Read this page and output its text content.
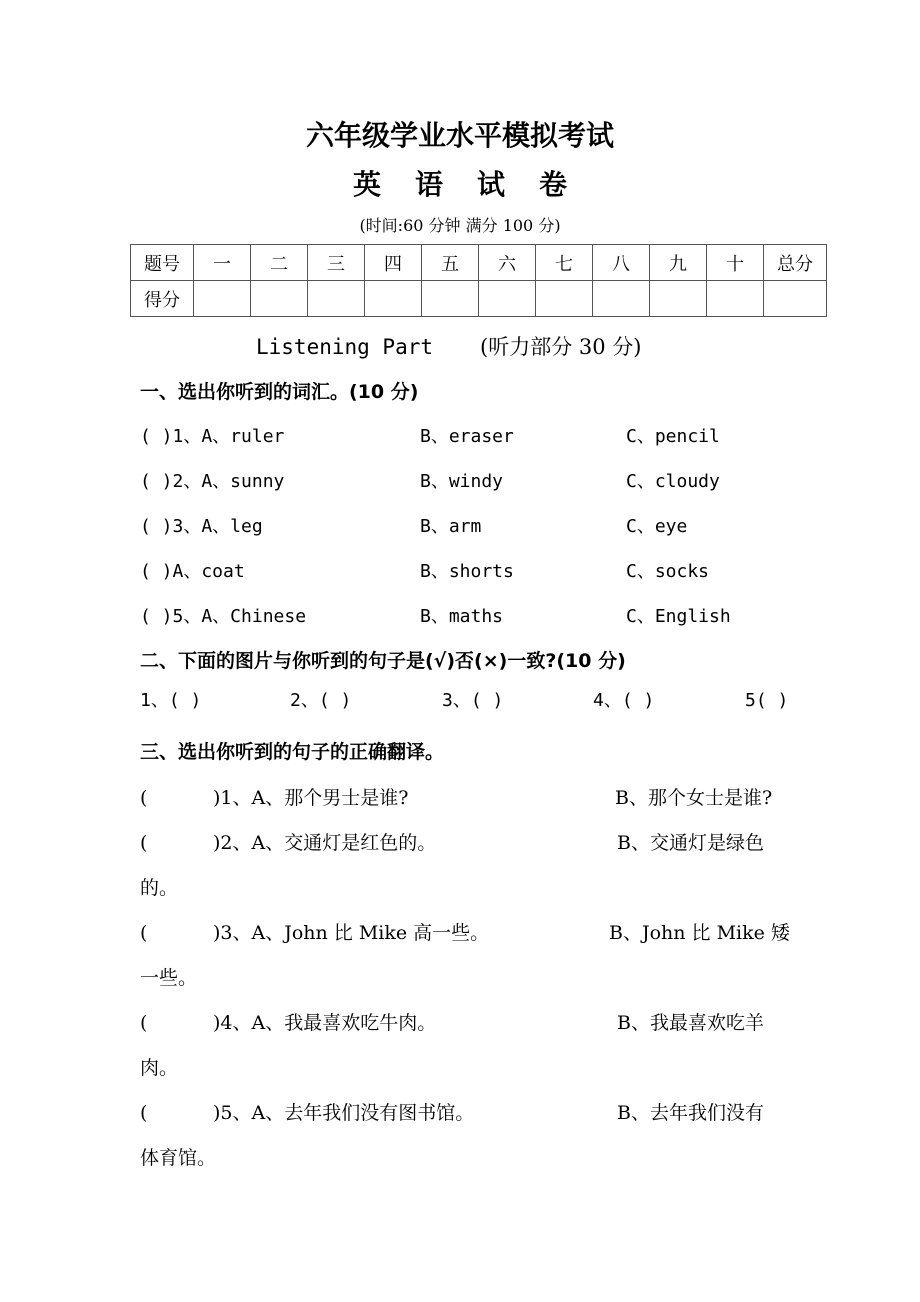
六年级学业水平模拟考试
英语试卷
(时间:60 分钟 满分 100 分)
题号	一	二	三	四	五	六	七	八	九	十	总分
得分											
Listening Part (听力部分 30 分)
一、选出你听到的词汇。(10 分)
( )1、A、ruler	B、eraser	C、pencil
( )2、A、sunny	B、windy	C、cloudy
( )3、A、leg	B、arm	C、eye
( )A、coat	B、shorts	C、socks
( )5、A、Chinese	B、maths	C、English
二、下面的图片与你听到的句子是(√)否(×)一致?(10 分)
1、( )	2、( )	3、( )	4、( )	5( )
三、选出你听到的句子的正确翻译。
(	)1、A、那个男士是谁?	B、那个女士是谁?
(	)2、A、交通灯是红色的。	B、交通灯是绿色
的。
(	)3、A、John 比 Mike 高一些。	B、John 比 Mike 矮
一些。
(	)4、A、我最喜欢吃牛肉。	B、我最喜欢吃羊
肉。
(	)5、A、去年我们没有图书馆。	B、去年我们没有
体育馆。
